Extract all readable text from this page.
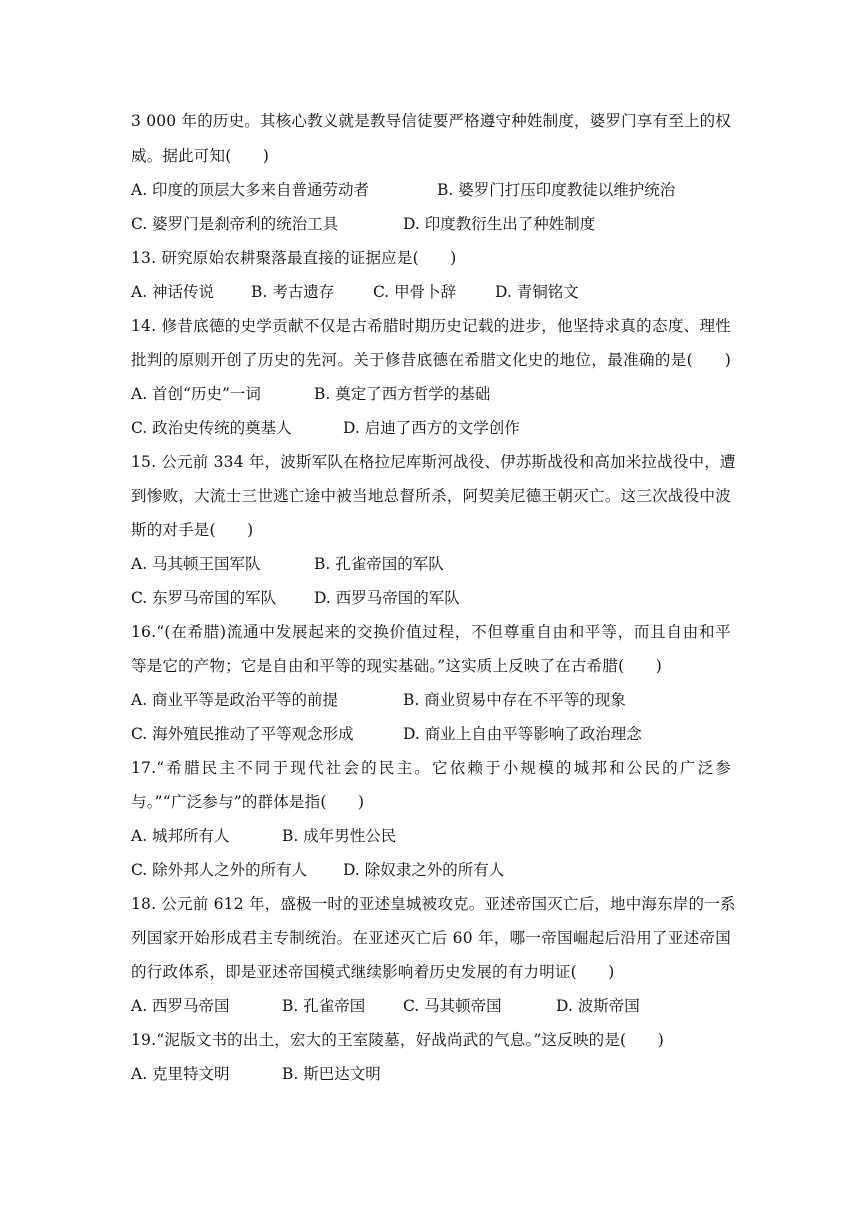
3 000 年的历史。其核心教义就是教导信徒要严格遵守种姓制度，婆罗门享有至上的权
威。据此可知(　　)
A. 印度的顶层大多来自普通劳动者	B. 婆罗门打压印度教徒以维护统治
C. 婆罗门是刹帝利的统治工具	D. 印度教衍生出了种姓制度
13. 研究原始农耕聚落最直接的证据应是(　　)
A. 神话传说 B. 考古遗存	C. 甲骨卜辞	D. 青铜铭文
14. 修昔底德的史学贡献不仅是古希腊时期历史记载的进步，他坚持求真的态度、理性
批判的原则开创了历史的先河。关于修昔底德在希腊文化史的地位，最准确的是(　　)
A. 首创“历史”一词	B. 奠定了西方哲学的基础
C. 政治史传统的奠基人	D. 启迪了西方的文学创作
15. 公元前 334 年，波斯军队在格拉尼库斯河战役、伊苏斯战役和高加米拉战役中，遭
到惨败，大流士三世逃亡途中被当地总督所杀，阿契美尼德王朝灭亡。这三次战役中波
斯的对手是(　　)
A. 马其顿王国军队	B. 孔雀帝国的军队
C. 东罗马帝国的军队 D. 西罗马帝国的军队
16.“(在希腊)流通中发展起来的交换价值过程，不但尊重自由和平等，而且自由和平
等是它的产物；它是自由和平等的现实基础。”这实质上反映了在古希腊(　　)
A. 商业平等是政治平等的前提	B. 商业贸易中存在不平等的现象
C. 海外殖民推动了平等观念形成	D. 商业上自由平等影响了政治理念
17.“希腊民主不同于现代社会的民主。它依赖于小规模的城邦和公民的广泛参
与。”“广泛参与”的群体是指(　　)
A. 城邦所有人	B. 成年男性公民
C. 除外邦人之外的所有人 D. 除奴隶之外的所有人
18. 公元前 612 年，盛极一时的亚述皇城被攻克。亚述帝国灭亡后，地中海东岸的一系
列国家开始形成君主专制统治。在亚述灭亡后 60 年，哪一帝国崛起后沿用了亚述帝国
的行政体系，即是亚述帝国模式继续影响着历史发展的有力明证(　　)
A. 西罗马帝国	B. 孔雀帝国 C. 马其顿帝国	D. 波斯帝国
19.“泥版文书的出土，宏大的王室陵墓，好战尚武的气息。”这反映的是(　　)
A. 克里特文明	B. 斯巴达文明
